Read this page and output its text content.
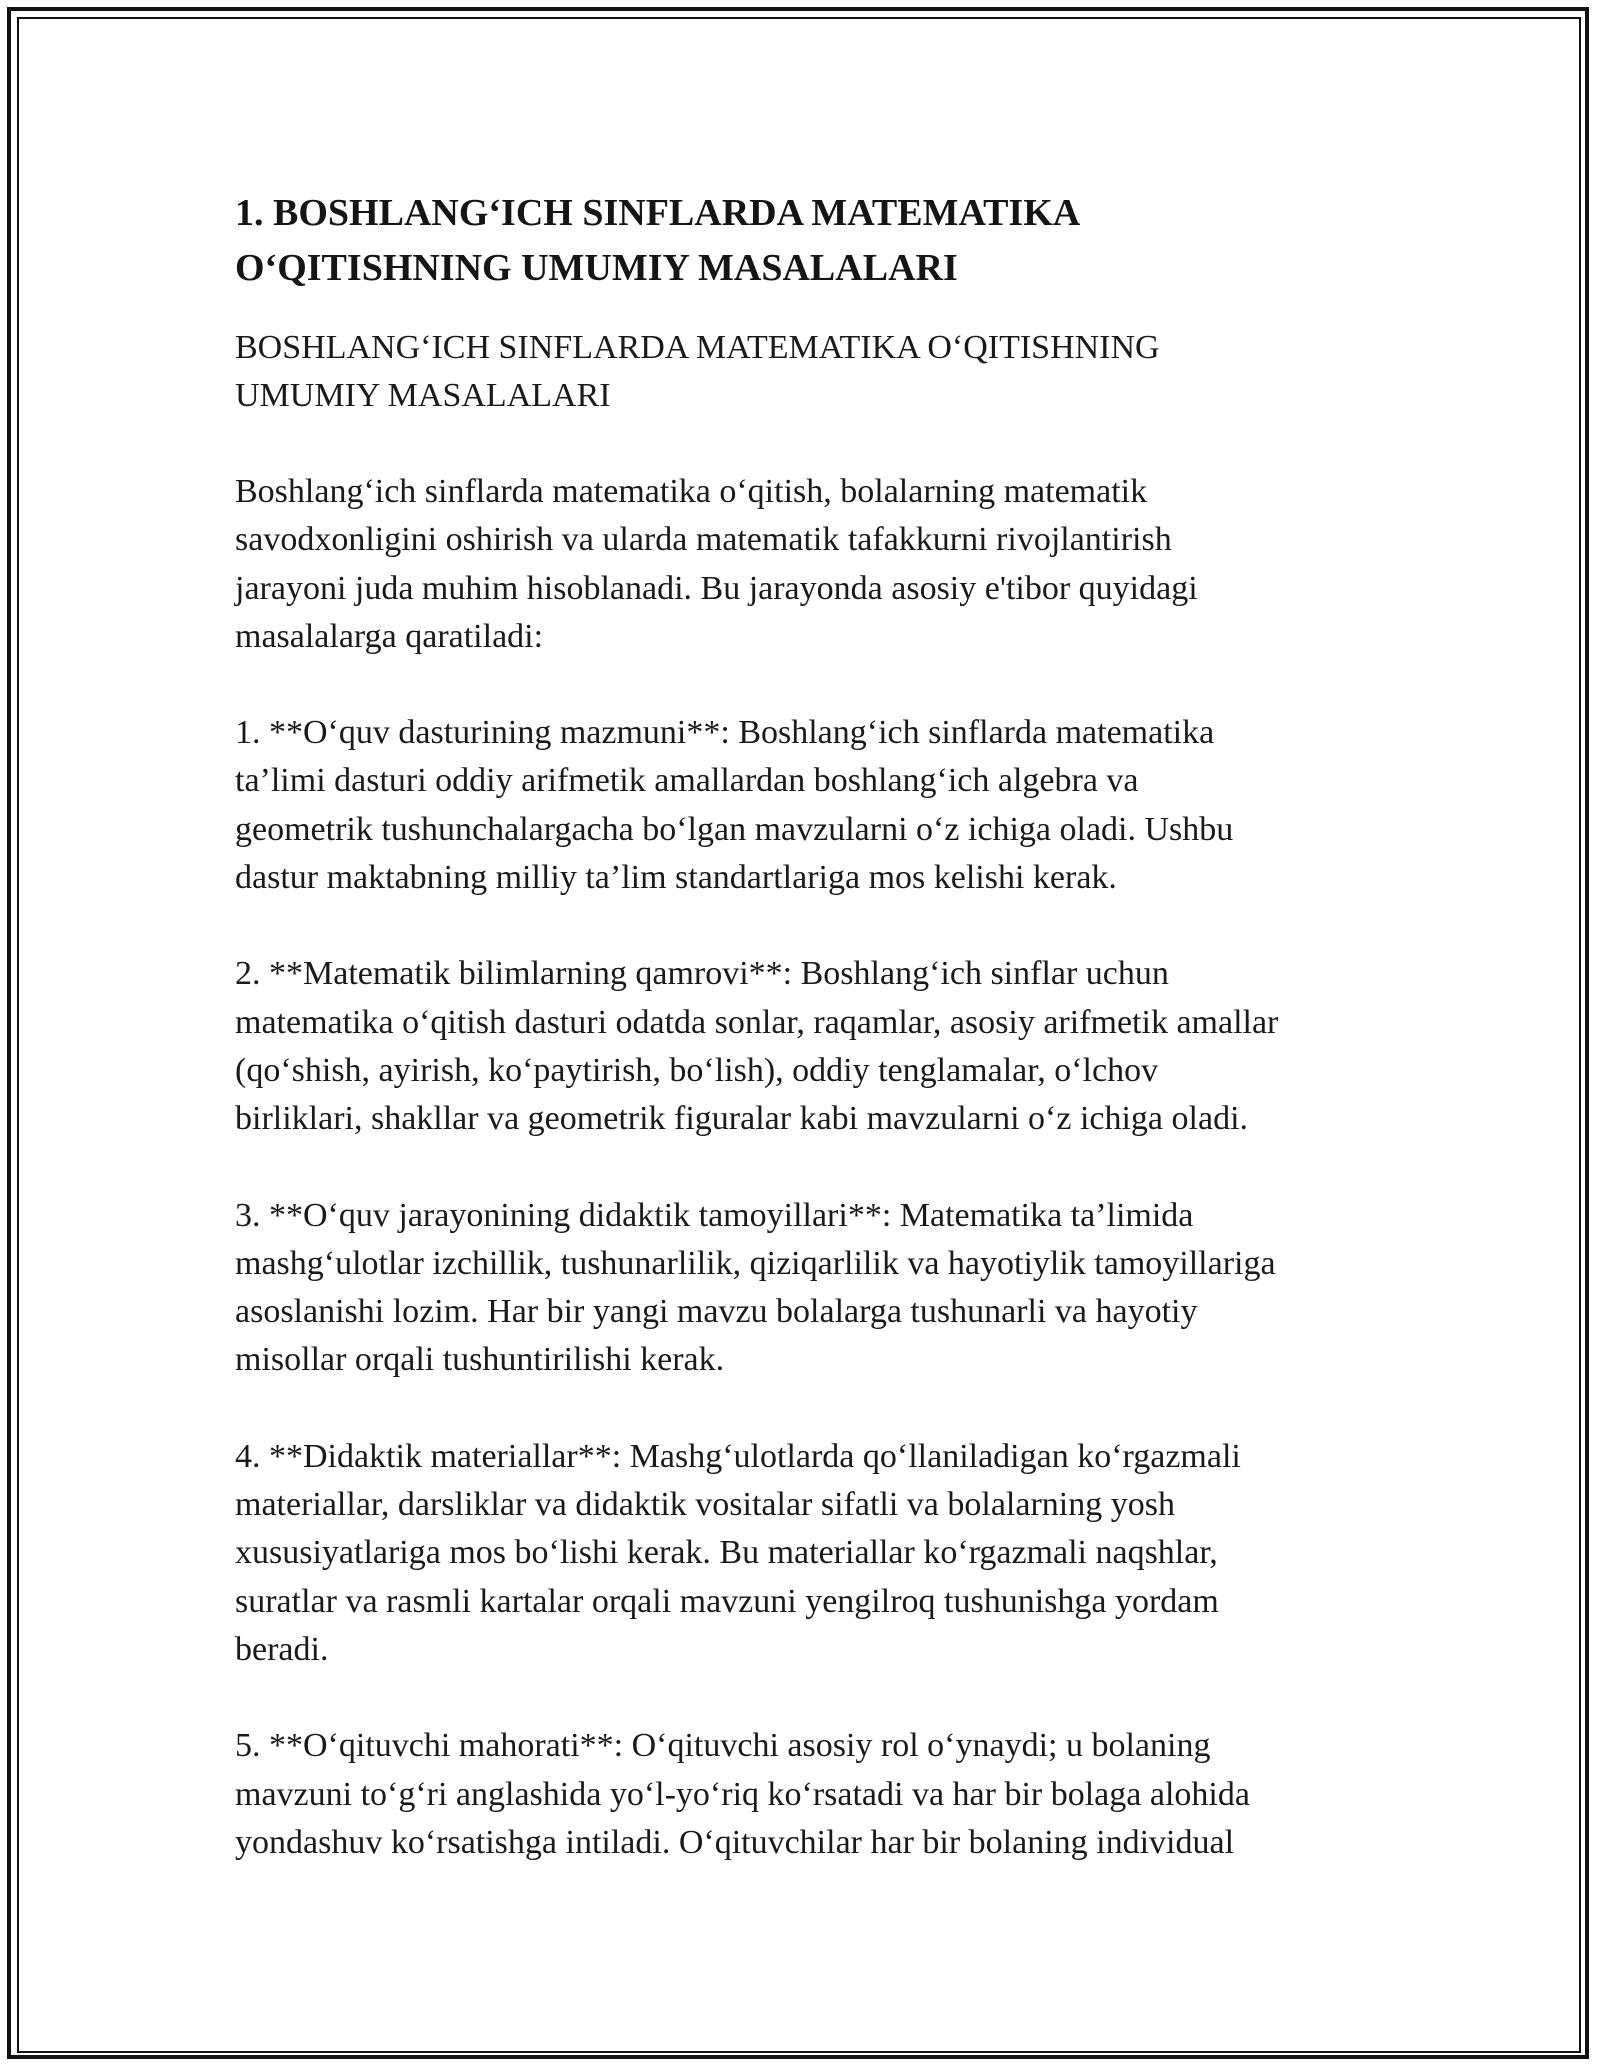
1. BOSHLANG‘ICH SINFLARDA MATEMATIKA
O‘QITISHNING UMUMIY MASALALARI

BOSHLANG‘ICH SINFLARDA MATEMATIKA O‘QITISHNING
UMUMIY MASALALARI

Boshlang‘ich sinflarda matematika o‘qitish, bolalarning matematik
savodxonligini oshirish va ularda matematik tafakkurni rivojlantirish
jarayoni juda muhim hisoblanadi. Bu jarayonda asosiy e'tibor quyidagi
masalalarga qaratiladi:

1. **O‘quv dasturining mazmuni**: Boshlang‘ich sinflarda matematika
ta’limi dasturi oddiy arifmetik amallardan boshlang‘ich algebra va
geometrik tushunchalargacha bo‘lgan mavzularni o‘z ichiga oladi. Ushbu
dastur maktabning milliy ta’lim standartlariga mos kelishi kerak.

2. **Matematik bilimlarning qamrovi**: Boshlang‘ich sinflar uchun
matematika o‘qitish dasturi odatda sonlar, raqamlar, asosiy arifmetik amallar
(qo‘shish, ayirish, ko‘paytirish, bo‘lish), oddiy tenglamalar, o‘lchov
birliklari, shakllar va geometrik figuralar kabi mavzularni o‘z ichiga oladi.

3. **O‘quv jarayonining didaktik tamoyillari**: Matematika ta’limida
mashg‘ulotlar izchillik, tushunarlilik, qiziqarlilik va hayotiylik tamoyillariga
asoslanishi lozim. Har bir yangi mavzu bolalarga tushunarli va hayotiy
misollar orqali tushuntirilishi kerak.

4. **Didaktik materiallar**: Mashg‘ulotlarda qo‘llaniladigan ko‘rgazmali
materiallar, darsliklar va didaktik vositalar sifatli va bolalarning yosh
xususiyatlariga mos bo‘lishi kerak. Bu materiallar ko‘rgazmali naqshlar,
suratlar va rasmli kartalar orqali mavzuni yengilroq tushunishga yordam
beradi.

5. **O‘qituvchi mahorati**: O‘qituvchi asosiy rol o‘ynaydi; u bolaning
mavzuni to‘g‘ri anglashida yo‘l-yo‘riq ko‘rsatadi va har bir bolaga alohida
yondashuv ko‘rsatishga intiladi. O‘qituvchilar har bir bolaning individual
